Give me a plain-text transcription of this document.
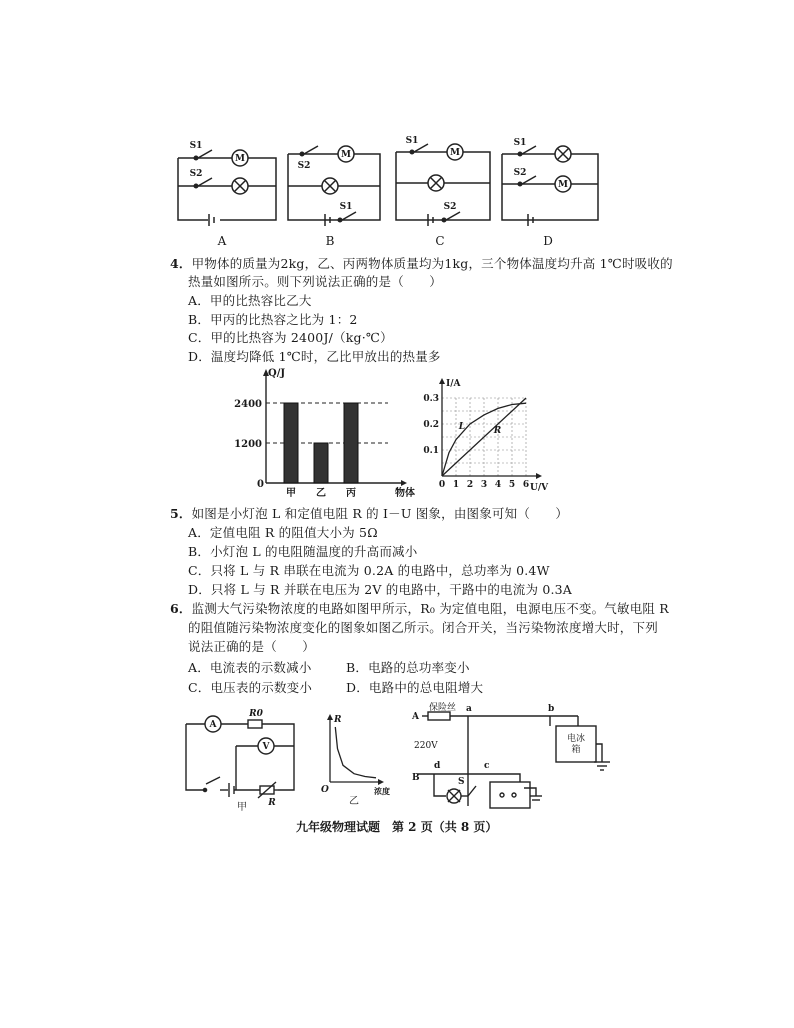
M	M	M
M
S1
S2
S2
S1
S1
S2
S1
S2
A	B	C	D
4．甲物体的质量为2kg，乙、丙两物体质量均为1kg，三个物体温度均升高 1℃时吸收的
热量如图所示。则下列说法正确的是（　　）
A．甲的比热容比乙大
B．甲丙的比热容之比为 1：2
C．甲的比热容为 2400J/（kg·℃）
D．温度均降低 1℃时，乙比甲放出的热量多
Q/J
物体
0
2400
1200
甲 乙 丙
I/A
U/V
0 1 2 3 4 5 6
0.1
0.2
0.3
L	R
5．如图是小灯泡 L 和定值电阻 R 的 I－U 图象，由图象可知（　　）
A．定值电阻 R 的阻值大小为 5Ω
B．小灯泡 L 的电阻随温度的升高而减小
C．只将 L 与 R 串联在电流为 0.2A 的电路中，总功率为 0.4W
D．只将 L 与 R 并联在电压为 2V 的电路中，干路中的电流为 0.3A
6．监测大气污染物浓度的电路如图甲所示，R₀ 为定值电阻，电源电压不变。气敏电阻 R
的阻值随污染物浓度变化的图象如图乙所示。闭合开关，当污染物浓度增大时，下列
说法正确的是（　　）
A．电流表的示数减小	B．电路的总功率变小
C．电压表的示数变小	D．电路中的总电阻增大
A
V
R0
R
甲
R
浓度
O
乙
A
保险丝 a	b
220V
B
d	c
S
电冰箱
九年级物理试题　第 2 页（共 8 页）
